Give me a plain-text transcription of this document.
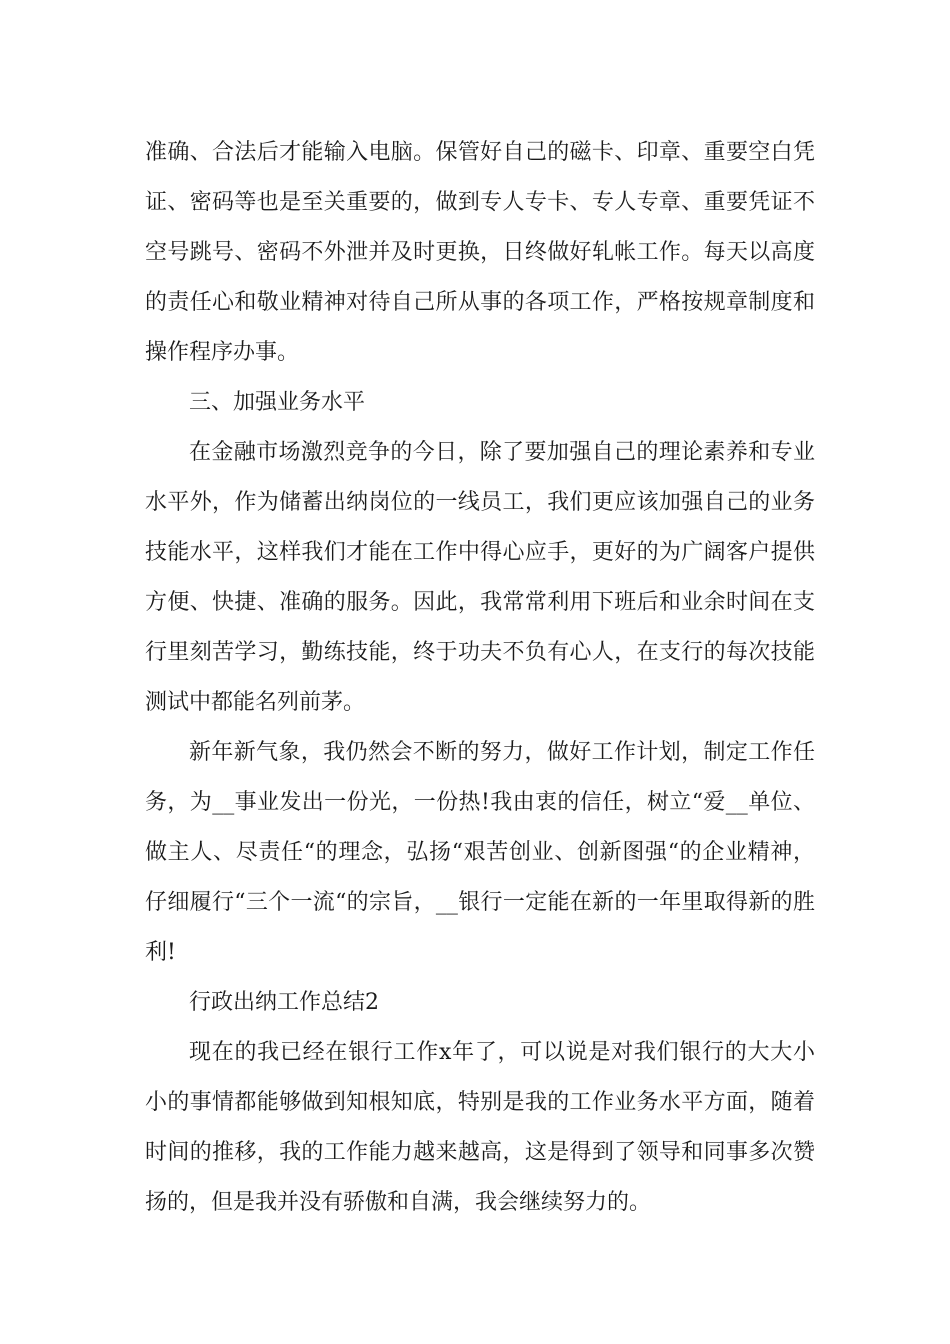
准确、合法后才能输入电脑。保管好自己的磁卡、印章、重要空白凭证、密码等也是至关重要的，做到专人专卡、专人专章、重要凭证不空号跳号、密码不外泄并及时更换，日终做好轧帐工作。每天以高度的责任心和敬业精神对待自己所从事的各项工作，严格按规章制度和操作程序办事。

三、加强业务水平

在金融市场激烈竞争的今日，除了要加强自己的理论素养和专业水平外，作为储蓄出纳岗位的一线员工，我们更应该加强自己的业务技能水平，这样我们才能在工作中得心应手，更好的为广阔客户提供方便、快捷、准确的服务。因此，我常常利用下班后和业余时间在支行里刻苦学习，勤练技能，终于功夫不负有心人，在支行的每次技能测试中都能名列前茅。

新年新气象，我仍然会不断的努力，做好工作计划，制定工作任务，为__事业发出一份光，一份热!我由衷的信任，树立“爱__单位、做主人、尽责任“的理念，弘扬“艰苦创业、创新图强“的企业精神，仔细履行“三个一流“的宗旨，__银行一定能在新的一年里取得新的胜利!

行政出纳工作总结2

现在的我已经在银行工作x年了，可以说是对我们银行的大大小小的事情都能够做到知根知底，特别是我的工作业务水平方面，随着时间的推移，我的工作能力越来越高，这是得到了领导和同事多次赞扬的，但是我并没有骄傲和自满，我会继续努力的。
